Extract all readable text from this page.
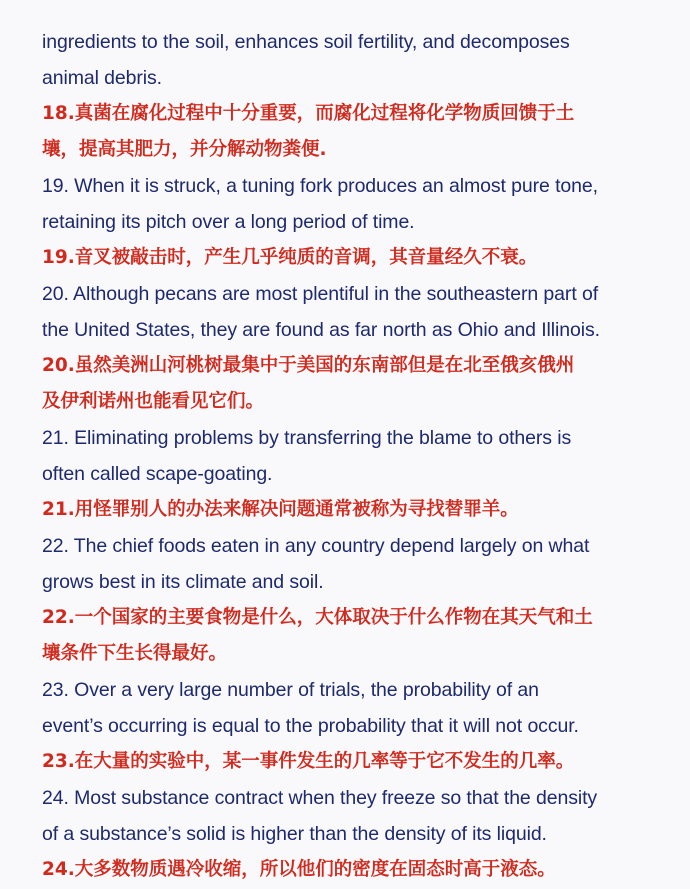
ingredients to the soil, enhances soil fertility, and decomposes
animal debris.
18.真菌在腐化过程中十分重要，而腐化过程将化学物质回馈于土
壤，提高其肥力，并分解动物粪便.
19. When it is struck, a tuning fork produces an almost pure tone,
retaining its pitch over a long period of time.
19.音叉被敲击时，产生几乎纯质的音调，其音量经久不衰。
20. Although pecans are most plentiful in the southeastern part of
the United States, they are found as far north as Ohio and Illinois.
20.虽然美洲山河桃树最集中于美国的东南部但是在北至俄亥俄州
及伊利诺州也能看见它们。
21. Eliminating problems by transferring the blame to others is
often called scape-goating.
21.用怪罪别人的办法来解决问题通常被称为寻找替罪羊。
22. The chief foods eaten in any country depend largely on what
grows best in its climate and soil.
22.一个国家的主要食物是什么，大体取决于什么作物在其天气和土
壤条件下生长得最好。
23. Over a very large number of trials, the probability of an
event’s occurring is equal to the probability that it will not occur.
23.在大量的实验中，某一事件发生的几率等于它不发生的几率。
24. Most substance contract when they freeze so that the density
of a substance’s solid is higher than the density of its liquid.
24.大多数物质遇冷收缩，所以他们的密度在固态时高于液态。
